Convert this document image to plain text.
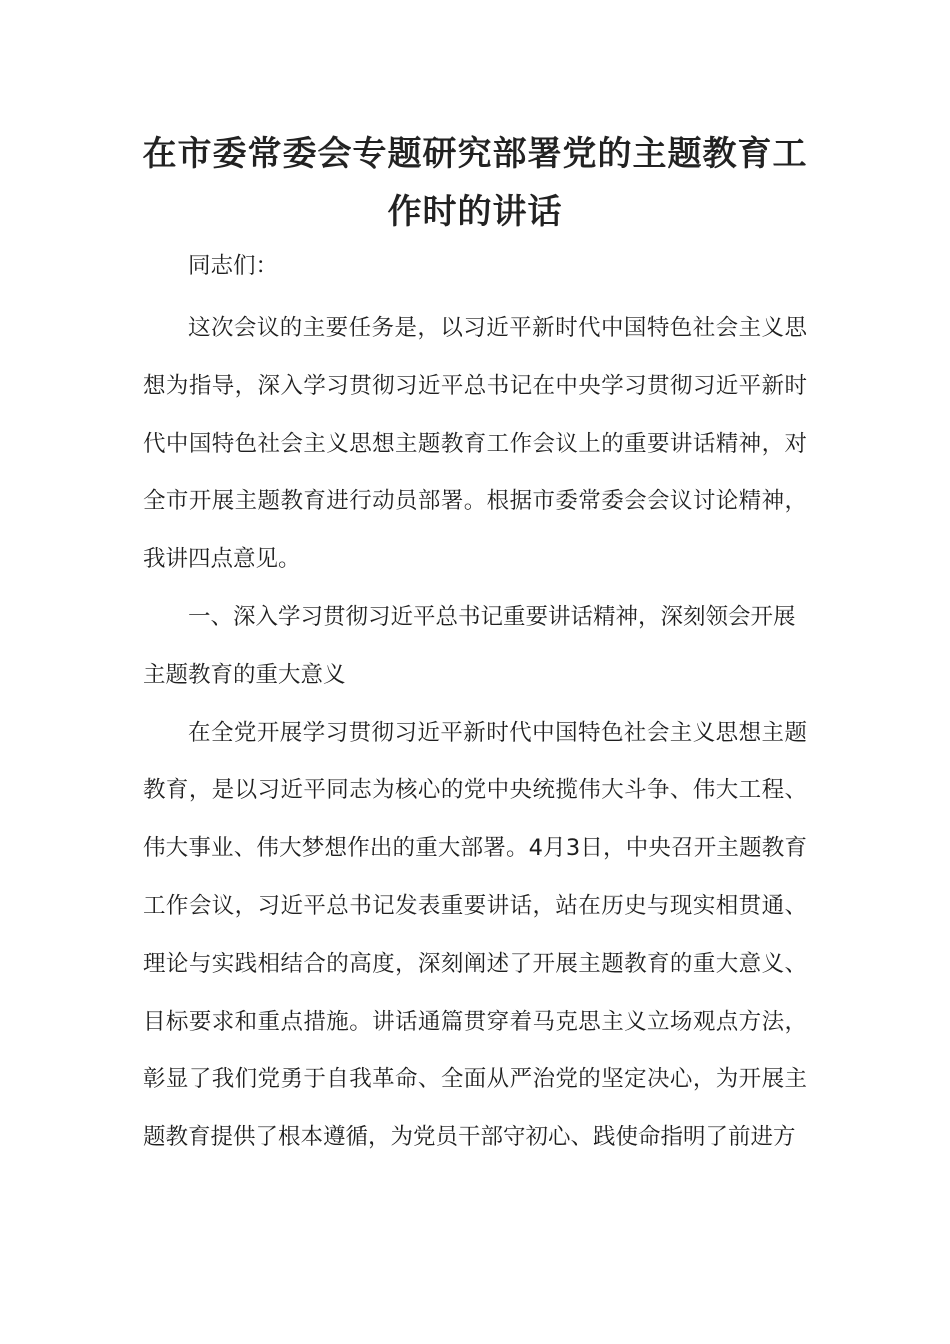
在市委常委会专题研究部署党的主题教育工作时的讲话

同志们：

这次会议的主要任务是，以习近平新时代中国特色社会主义思想为指导，深入学习贯彻习近平总书记在中央学习贯彻习近平新时代中国特色社会主义思想主题教育工作会议上的重要讲话精神，对全市开展主题教育进行动员部署。根据市委常委会会议讨论精神，我讲四点意见。

一、深入学习贯彻习近平总书记重要讲话精神，深刻领会开展主题教育的重大意义

在全党开展学习贯彻习近平新时代中国特色社会主义思想主题教育，是以习近平同志为核心的党中央统揽伟大斗争、伟大工程、伟大事业、伟大梦想作出的重大部署。4月3日，中央召开主题教育工作会议，习近平总书记发表重要讲话，站在历史与现实相贯通、理论与实践相结合的高度，深刻阐述了开展主题教育的重大意义、目标要求和重点措施。讲话通篇贯穿着马克思主义立场观点方法，彰显了我们党勇于自我革命、全面从严治党的坚定决心，为开展主题教育提供了根本遵循，为党员干部守初心、践使命指明了前进方
